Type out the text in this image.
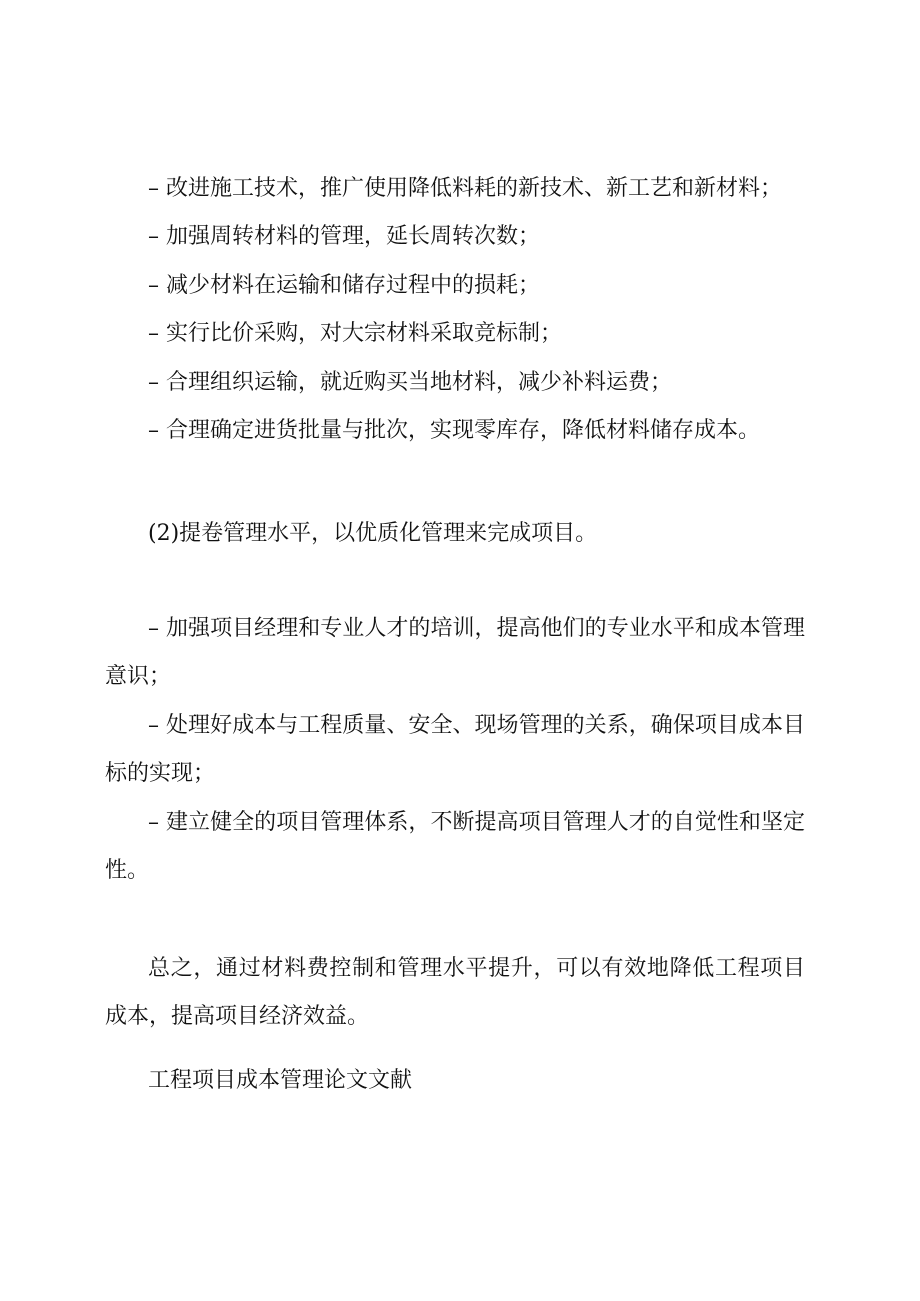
– 改进施工技术，推广使用降低料耗的新技术、新工艺和新材料；
– 加强周转材料的管理，延长周转次数；
– 减少材料在运输和储存过程中的损耗；
– 实行比价采购，对大宗材料采取竞标制；
– 合理组织运输，就近购买当地材料，减少补料运费；
– 合理确定进货批量与批次，实现零库存，降低材料储存成本。
(2)提卷管理水平，以优质化管理来完成项目。
– 加强项目经理和专业人才的培训，提高他们的专业水平和成本管理意识；
– 处理好成本与工程质量、安全、现场管理的关系，确保项目成本目标的实现；
– 建立健全的项目管理体系，不断提高项目管理人才的自觉性和坚定性。
总之，通过材料费控制和管理水平提升，可以有效地降低工程项目成本，提高项目经济效益。
工程项目成本管理论文文献
